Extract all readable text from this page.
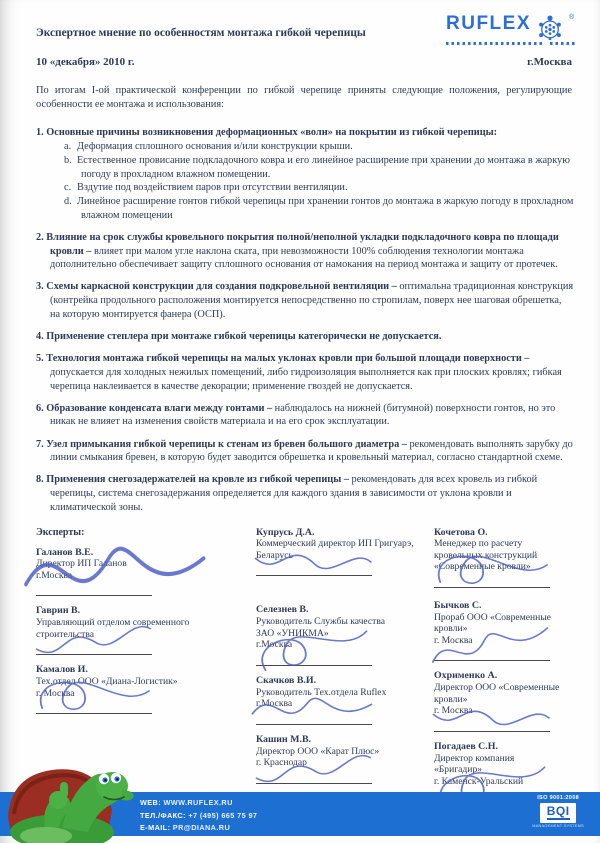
RUFLEX	®
Экспертное мнение по особенностям монтажа гибкой черепицы
10 «декабря» 2010 г.	г.Москва

По итогам I-ой практической конференции по гибкой черепице приняты следующие положения, регулирующие особенности ее монтажа и использования:

1. Основные причины возникновения деформационных «волн» на покрытии из гибкой черепицы:

a. Деформация сплошного основания и/или конструкции крыши.

b. Естественное провисание подкладочного ковра и его линейное расширение при хранении до монтажа в жаркую погоду в прохладном влажном помещении.

c. Вздутие под воздействием паров при отсутствии вентиляции.

d. Линейное расширение гонтов гибкой черепицы при хранении гонтов до монтажа в жаркую погоду в прохладном влажном помещении

2. Влияние на срок службы кровельного покрытия полной/неполной укладки подкладочного ковра по площади кровли – влияет при малом угле наклона ската, при невозможности 100% соблюдения технологии монтажа дополнительно обеспечивает защиту сплошного основания от намокания на период монтажа и защиту от протечек.

3. Схемы каркасной конструкции для создания подкровельной вентиляции – оптимальна традиционная конструкция (контрейка продольного расположения монтируется непосредственно по стропилам, поверх нее шаговая обрешетка, на которую монтируется фанера (ОСП).

4. Применение степлера при монтаже гибкой черепицы категорически не допускается.

5. Технология монтажа гибкой черепицы на малых уклонах кровли при большой площади поверхности – допускается для холодных нежилых помещений, либо гидроизоляция выполняется как при плоских кровлях; гибкая черепица наклеивается в качестве декорации; применение гвоздей не допускается.

6. Образование конденсата влаги между гонтами – наблюдалось на нижней (битумной) поверхности гонтов, но это никак не влияет на изменения свойств материала и на его срок эксплуатации.

7. Узел примыкания гибкой черепицы к стенам из бревен большого диаметра – рекомендовать выполнять зарубку до линии смыкания бревен, в которую будет заводится обрешетка и кровельный материал, согласно стандартной схеме.

8. Применения снегозадержателей на кровле из гибкой черепицы – рекомендовать для всех кровель из гибкой черепицы, система снегозадержания определяется для каждого здания в зависимости от уклона кровли и климатической зоны.

Эксперты:
Галанов В.Е.
Директор ИП Галанов
г.Москва
Гаврин В.
Управляющий отделом современного
строительства
Камалов И.
Тех.отдел ООО «Диана-Логистик»
г. Москва
Купрусь Д.А.
Коммерческий директор ИП Григуарэ,
Беларусь
Селезнев В.
Руководитель Службы качества
ЗАО «УНИКМА»
г.Москва
Скачков В.И.
Руководитель Тех.отдела Ruflex
г.Москва
Кашин М.В.
Директор ООО «Карат Плюс»
г. Краснодар
Кочетова О.
Менеджер по расчету
кровельных конструкций
«Современные кровли»
Бычков С.
Прораб ООО «Современные
кровли»
г. Москва
Охрименко А.
Директор ООО «Современные
кровли»
г. Москва
Погадаев С.Н.
Директор компания
«Бригадир»
г. Каменск-Уральский
WEB: WWW.RUFLEX.RU
ТЕЛ./ФАКС: +7 (495) 665 75 97
E-MAIL: PR@DIANA.RU
ISO 9001:2008
BQI
MANAGEMENT SYSTEMS
